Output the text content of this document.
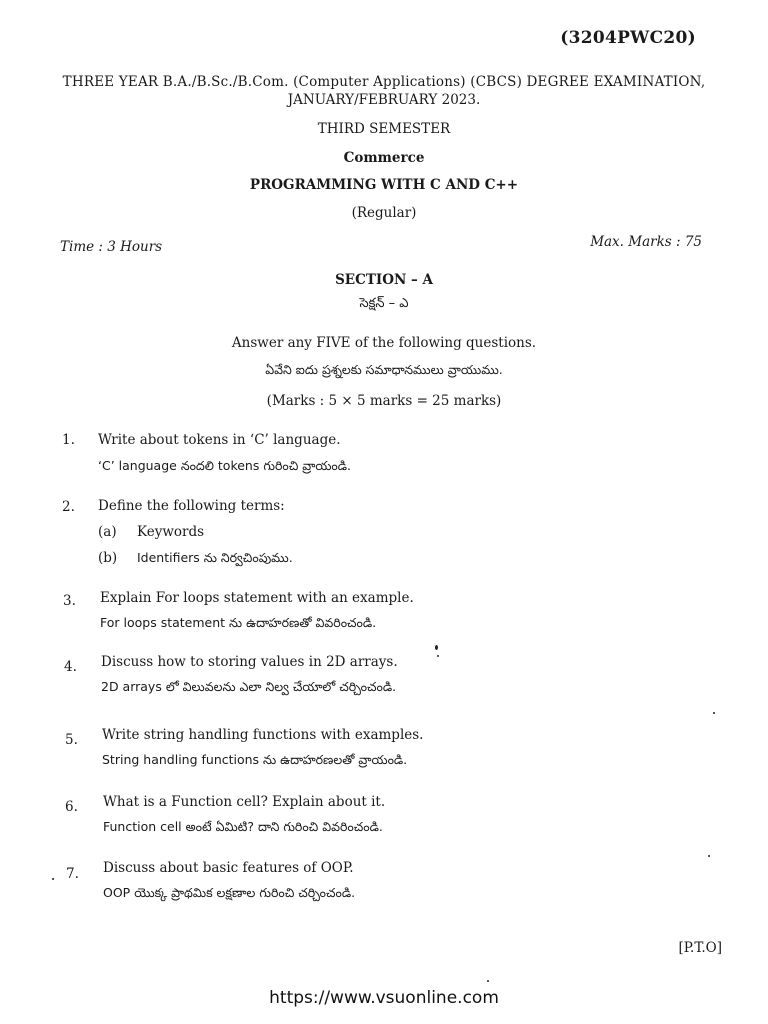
(3204PWC20)
THREE YEAR B.A./B.Sc./B.Com. (Computer Applications) (CBCS) DEGREE EXAMINATION,
JANUARY/FEBRUARY 2023.
THIRD SEMESTER
Commerce
PROGRAMMING WITH C AND C++
(Regular)
Time : 3 Hours	Max. Marks : 75
SECTION – A
సెక్షన్ – ఎ
Answer any FIVE of the following questions.
ఏవేని ఐదు ప్రశ్నలకు సమాధానములు వ్రాయుము.
(Marks : 5 × 5 marks = 25 marks)
1. Write about tokens in ‘C’ language.
‘C’ language నందలి tokens గురించి వ్రాయండి.
2. Define the following terms:
(a) Keywords
(b) Identifiers ను నిర్వచింపుము.
3. Explain For loops statement with an example.
For loops statement ను ఉదాహరణతో వివరించండి.
4. Discuss how to storing values in 2D arrays.
2D arrays లో విలువలను ఎలా నిల్వ చేయాలో చర్చించండి.
5. Write string handling functions with examples.
String handling functions ను ఉదాహరణలతో వ్రాయండి.
6. What is a Function cell? Explain about it.
Function cell అంటే ఏమిటి? దాని గురించి వివరించండి.
7. Discuss about basic features of OOP.
OOP యొక్క ప్రాథమిక లక్షణాల గురించి చర్చించండి.
[P.T.O]
https://www.vsuonline.com
